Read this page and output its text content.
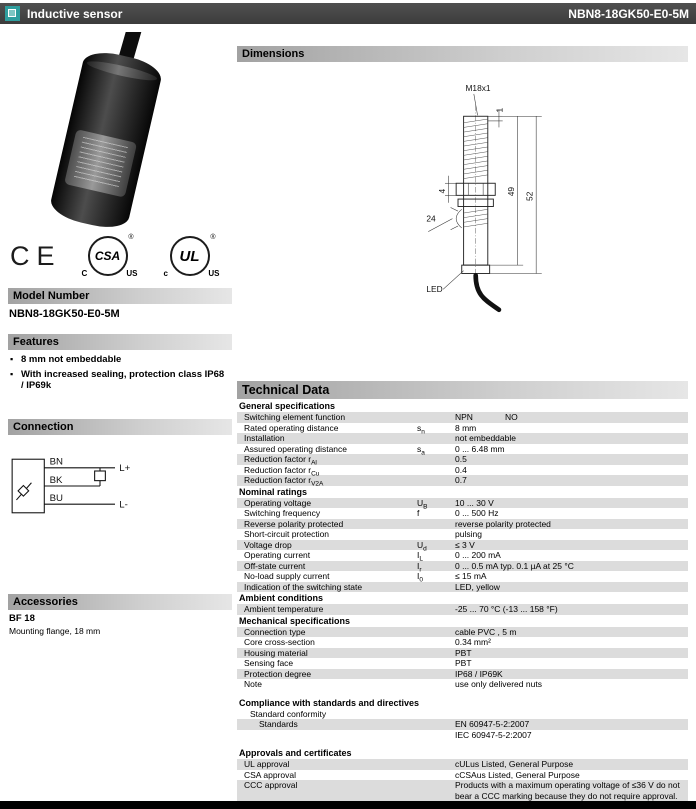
Inductive sensor	NBN8-18GK50-E0-5M
CE	CSA
®
C	US
UL
®
c	US
Model Number
NBN8-18GK50-E0-5M
Features
▪ 8 mm not embeddable
▪ With increased sealing, protection class IP68 / IP69k
Connection
BN
BK
BU
L+
L-
Accessories
BF 18
Mounting flange, 18 mm
Dimensions
M18x1
1
4
24
49 52
LED
Technical Data
General specifications
Switching element function	NPN	NO
Rated operating distance	$s_n$	8 mm
Installation	not embeddable
Assured operating distance	$s_a$	0 ... 6.48 mm
Reduction factor $r_{Al}$	0.5
Reduction factor $r_{Cu}$	0.4
Reduction factor $r_{V2A}$	0.7
Nominal ratings
Operating voltage	$U_B$	10 ... 30 V
Switching frequency	f	0 ... 500 Hz
Reverse polarity protected	reverse polarity protected
Short-circuit protection	pulsing
Voltage drop	$U_d$	≤ 3 V
Operating current	$I_L$	0 ... 200 mA
Off-state current	$I_r$	0 ... 0.5 mA typ. 0.1 µA at 25 °C
No-load supply current	$I_0$	≤ 15 mA
Indication of the switching state	LED, yellow
Ambient conditions
Ambient temperature	-25 ... 70 °C (-13 ... 158 °F)
Mechanical specifications
Connection type	cable PVC , 5 m
Core cross-section	0.34 mm²
Housing material	PBT
Sensing face	PBT
Protection degree	IP68 / IP69K
Note	use only delivered nuts
Compliance with standards and directives
Standard conformity
Standards	EN 60947-5-2:2007
IEC 60947-5-2:2007
Approvals and certificates
UL approval	cULus Listed, General Purpose
CSA approval	cCSAus Listed, General Purpose
CCC approval	Products with a maximum operating voltage of ≤36 V do not bear a CCC marking because they do not require approval.
